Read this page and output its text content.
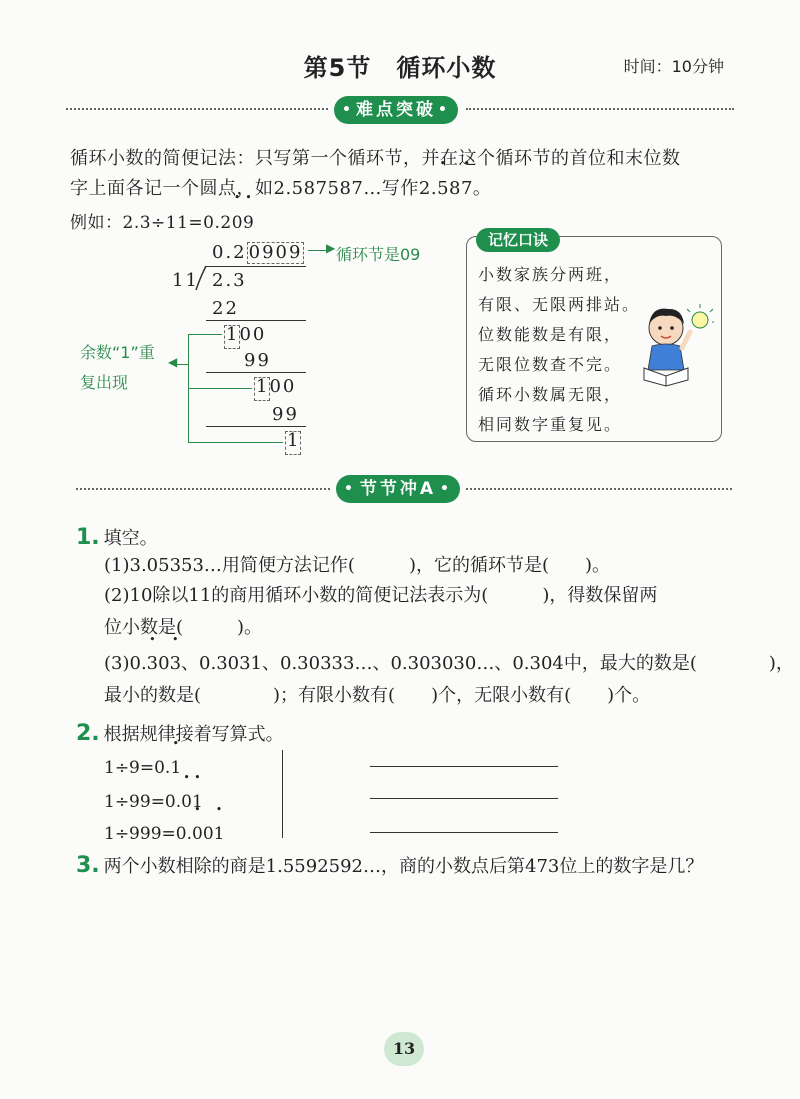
第5节　循环小数	时间：10分钟
• 难点突破 •
循环小数的简便记法：只写第一个循环节，并在这个循环节的首位和末位数
字上面各记一个圆点，如2.587587…写作2.• 58• 7。
例如：2.3÷11=0.2• 0• 9
0.2 0909 ▶ 循环节是09
11 2.3
22
100
99
100
99
1
◀
余数“1”重
复出现
记忆口诀
小数家族分两班，
有限、无限两排站。
位数能数是有限，
无限位数查不完。
循环小数属无限，
相同数字重复见。
• 节节冲A •
1. 填空。
(1)3.05353…用简便方法记作(　　　)，它的循环节是(　　)。
(2)10除以11的商用循环小数的简便记法表示为(　　　)，得数保留两
位小数是(　　　)。
(3)0.• 30• 3、0.3031、0.30333…、0.303030…、0.304中，最大的数是(　　　　)，
最小的数是(　　　　)；有限小数有(　　)个，无限小数有(　　)个。
2. 根据规律接着写算式。
1÷9=0.• 1
1÷99=0.• 0• 1
1÷999=0.• 00• 1
3. 两个小数相除的商是1.5592592…，商的小数点后第473位上的数字是几？
13
